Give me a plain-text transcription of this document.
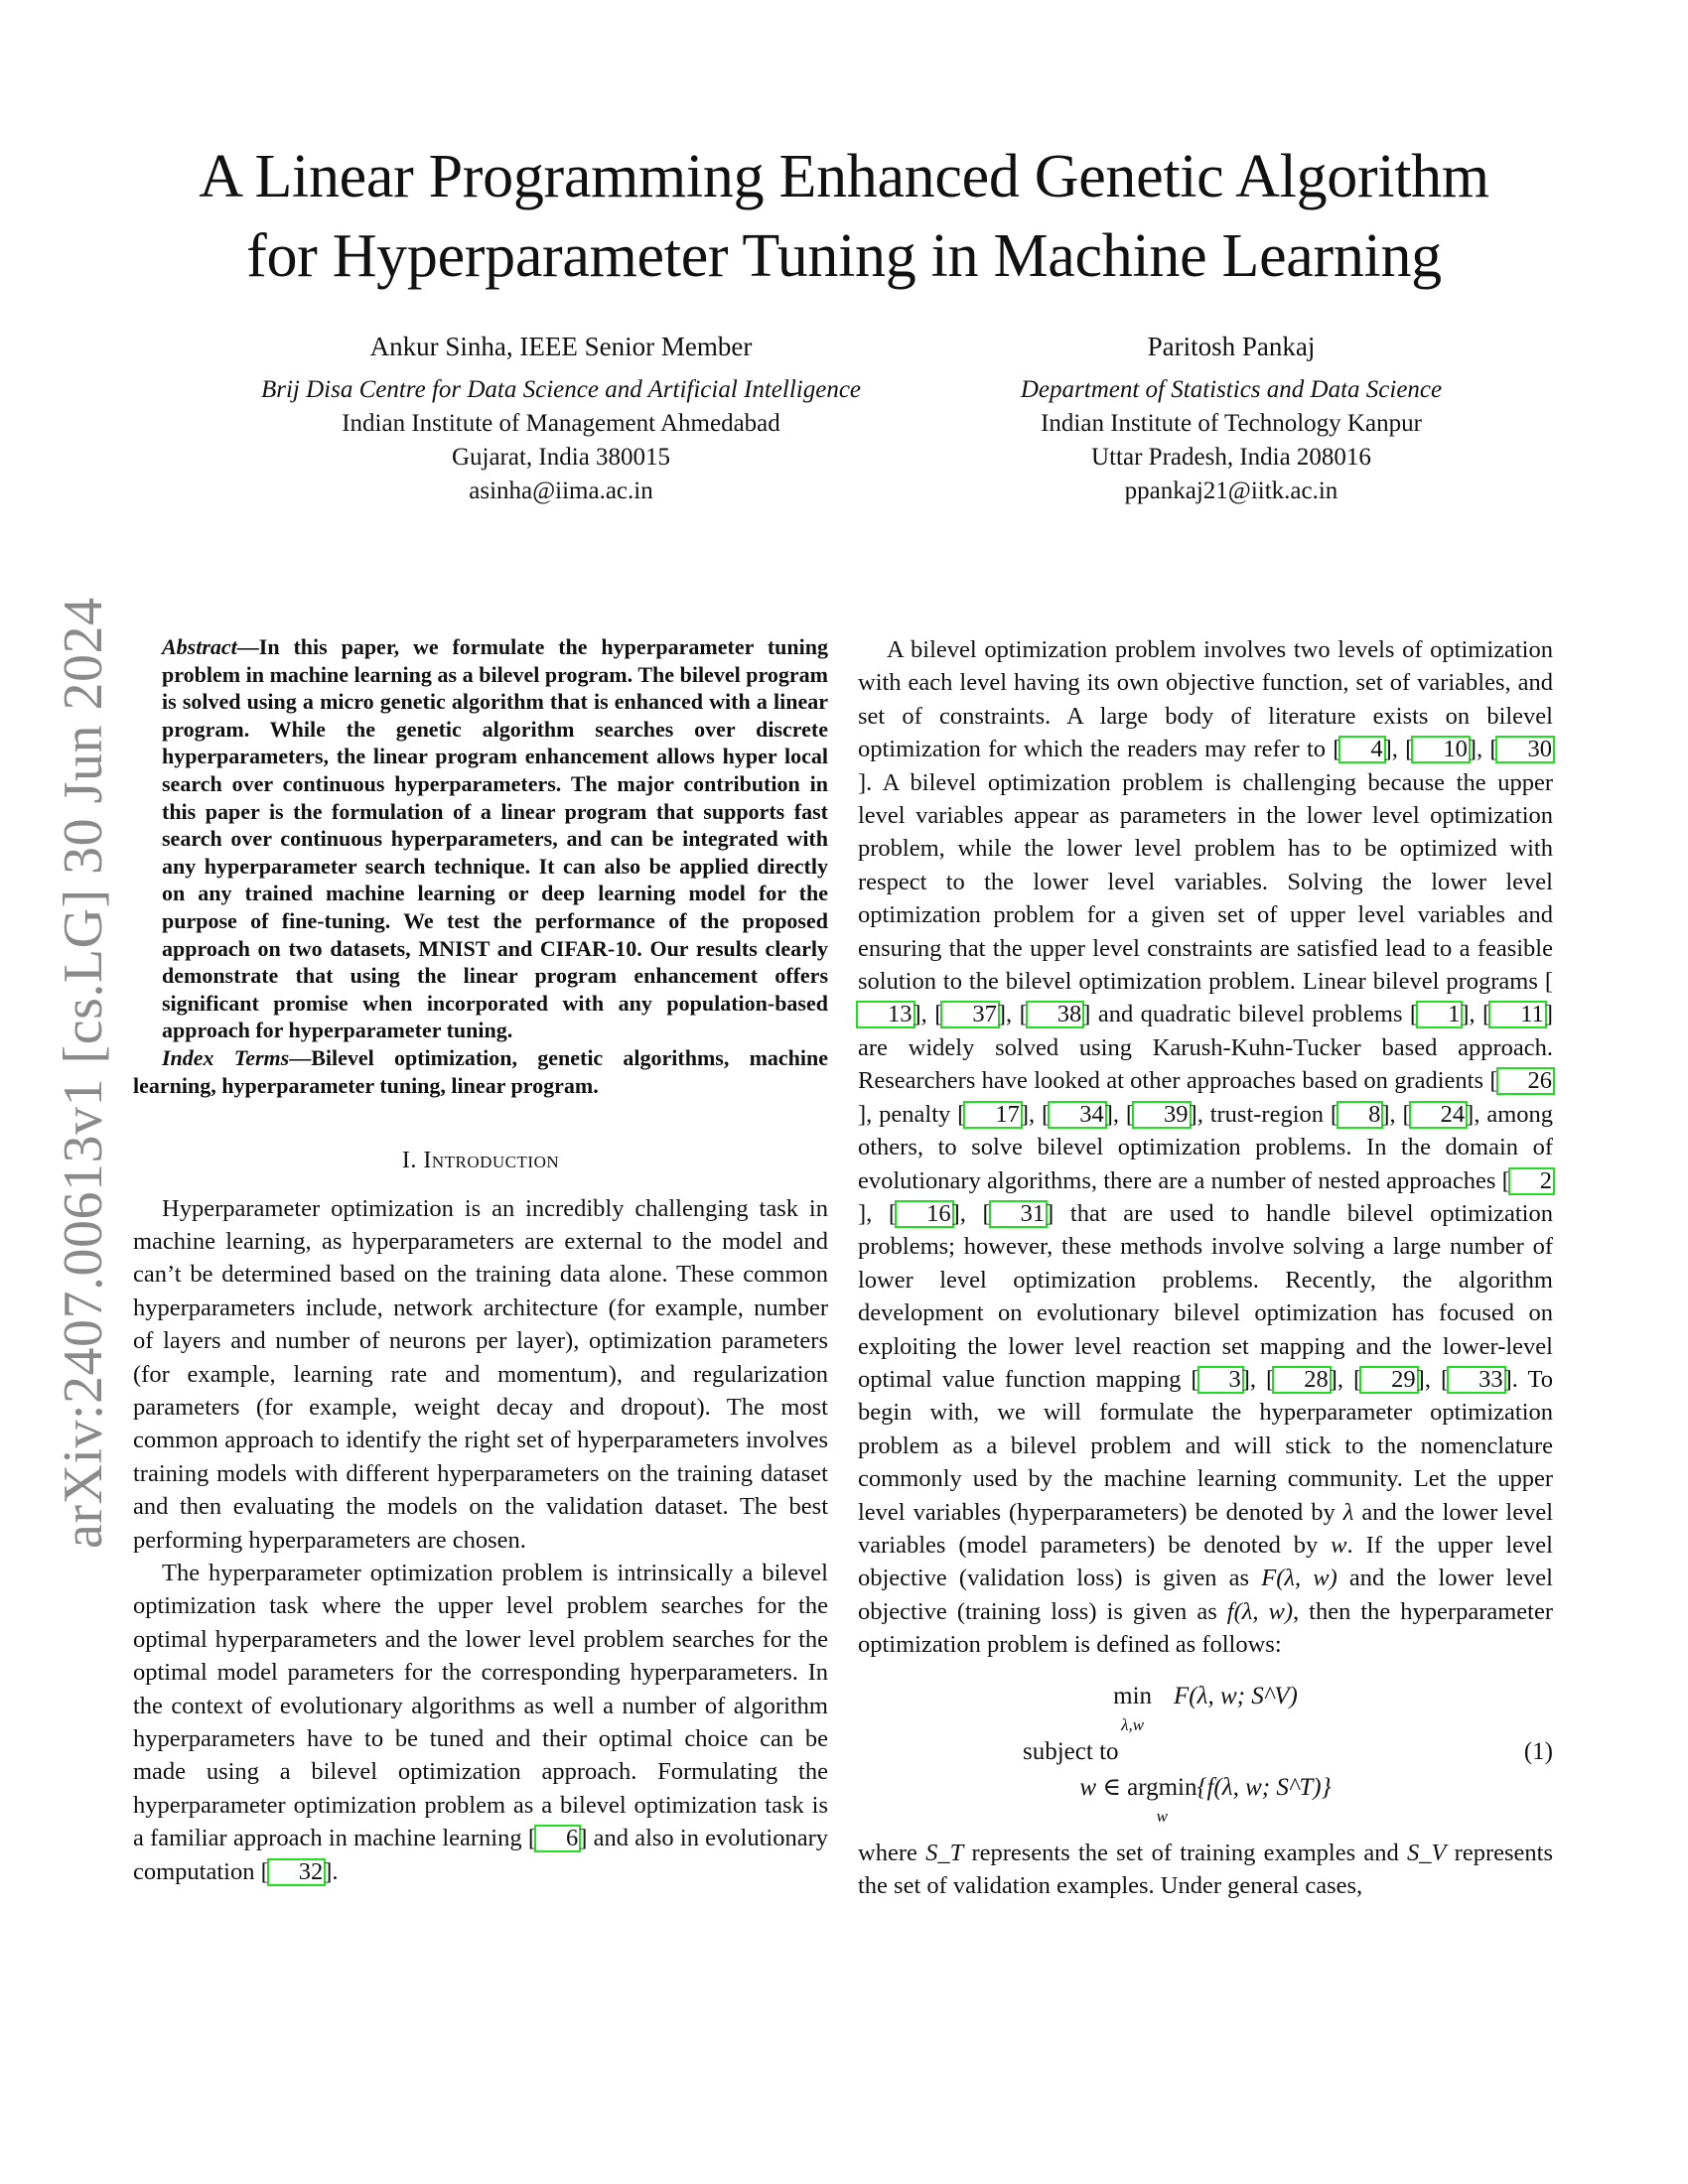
A Linear Programming Enhanced Genetic Algorithm
for Hyperparameter Tuning in Machine Learning
Ankur Sinha, IEEE Senior Member
Brij Disa Centre for Data Science and Artificial Intelligence
Indian Institute of Management Ahmedabad
Gujarat, India 380015
asinha@iima.ac.in
Paritosh Pankaj
Department of Statistics and Data Science
Indian Institute of Technology Kanpur
Uttar Pradesh, India 208016
ppankaj21@iitk.ac.in
arXiv:2407.00613v1 [cs.LG] 30 Jun 2024 Abstract—In this paper, we formulate the hyperparameter tuning problem in machine learning as a bilevel program. The bilevel program is solved using a micro genetic algorithm that is enhanced with a linear program. While the genetic algorithm searches over discrete hyperparameters, the linear program enhancement allows hyper local search over continuous hyperparameters. The major contribution in this paper is the formulation of a linear program that supports fast search over continuous hyperparameters, and can be integrated with any hyperparameter search technique. It can also be applied directly on any trained machine learning or deep learning model for the purpose of fine-tuning. We test the performance of the proposed approach on two datasets, MNIST and CIFAR-10. Our results clearly demonstrate that using the linear program enhancement offers significant promise when incorporated with any population-based approach for hyperparameter tuning.

Index Terms—Bilevel optimization, genetic algorithms, machine learning, hyperparameter tuning, linear program.

I. Introduction

Hyperparameter optimization is an incredibly challenging task in machine learning, as hyperparameters are external to the model and can’t be determined based on the training data alone. These common hyperparameters include, network architecture (for example, number of layers and number of neurons per layer), optimization parameters (for example, learning rate and momentum), and regularization parameters (for example, weight decay and dropout). The most common approach to identify the right set of hyperparameters involves training models with different hyperparameters on the training dataset and then evaluating the models on the validation dataset. The best performing hyperparameters are chosen.

The hyperparameter optimization problem is intrinsically a bilevel optimization task where the upper level problem searches for the optimal hyperparameters and the lower level problem searches for the optimal model parameters for the corresponding hyperparameters. In the context of evolutionary algorithms as well a number of algorithm hyperparameters have to be tuned and their optimal choice can be made using a bilevel optimization approach. Formulating the hyperparameter optimization problem as a bilevel optimization task is a familiar approach in machine learning [ 6] and also in evolutionary computation [ 32].

A bilevel optimization problem involves two levels of optimization with each level having its own objective function, set of variables, and set of constraints. A large body of literature exists on bilevel optimization for which the readers may refer to [ 4], [ 10], [ 30]. A bilevel optimization problem is challenging because the upper level variables appear as parameters in the lower level optimization problem, while the lower level problem has to be optimized with respect to the lower level variables. Solving the lower level optimization problem for a given set of upper level variables and ensuring that the upper level constraints are satisfied lead to a feasible solution to the bilevel optimization problem. Linear bilevel programs [13], [ 37], [ 38] and quadratic bilevel problems [ 1], [ 11] are widely solved using Karush-Kuhn-Tucker based approach. Researchers have looked at other approaches based on gradients [ 26], penalty [ 17], [ 34], [ 39], trust-region [ 8], [ 24], among others, to solve bilevel optimization problems. In the domain of evolutionary algorithms, there are a number of nested approaches [ 2], [ 16], [ 31] that are used to handle bilevel optimization problems; however, these methods involve solving a large number of lower level optimization problems. Recently, the algorithm development on evolutionary bilevel optimization has focused on exploiting the lower level reaction set mapping and the lower-level optimal value function mapping [ 3], [ 28], [ 29], [ 33]. To begin with, we will formulate the hyperparameter optimization problem as a bilevel problem and will stick to the nomenclature commonly used by the machine learning community. Let the upper level variables (hyperparameters) be denoted by λ and the lower level variables (model parameters) be denoted by w. If the upper level objective (validation loss) is given as F(λ, w) and the lower level objective (training loss) is given as f(λ, w), then the hyperparameter optimization problem is defined as follows:

min
λ,w
F(λ, w; S^V)
subject to
w ∈ argmin
w
{f(λ, w; S^T)}
(1)

where S_T represents the set of training examples and S_V represents the set of validation examples. Under general cases,
